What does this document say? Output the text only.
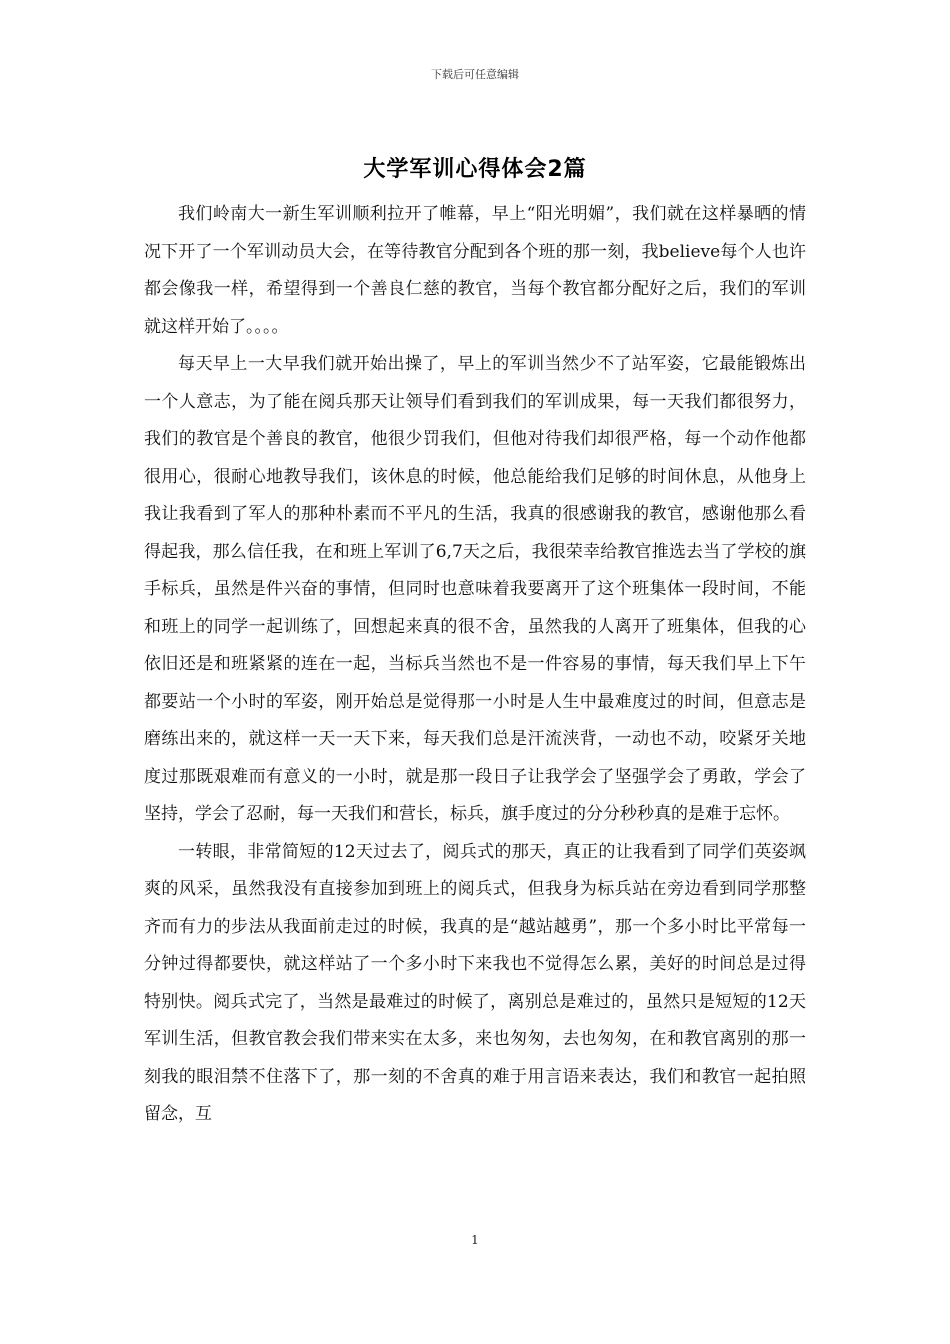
下载后可任意编辑
大学军训心得体会2篇

我们岭南大一新生军训顺利拉开了帷幕，早上“阳光明媚”，我们就在这样暴晒的情况下开了一个军训动员大会，在等待教官分配到各个班的那一刻，我believe每个人也许都会像我一样，希望得到一个善良仁慈的教官，当每个教官都分配好之后，我们的军训就这样开始了。。。。

每天早上一大早我们就开始出操了，早上的军训当然少不了站军姿，它最能锻炼出一个人意志，为了能在阅兵那天让领导们看到我们的军训成果，每一天我们都很努力，我们的教官是个善良的教官，他很少罚我们，但他对待我们却很严格，每一个动作他都很用心，很耐心地教导我们，该休息的时候，他总能给我们足够的时间休息，从他身上我让我看到了军人的那种朴素而不平凡的生活，我真的很感谢我的教官，感谢他那么看得起我，那么信任我，在和班上军训了6,7天之后，我很荣幸给教官推选去当了学校的旗手标兵，虽然是件兴奋的事情，但同时也意味着我要离开了这个班集体一段时间，不能和班上的同学一起训练了，回想起来真的很不舍，虽然我的人离开了班集体，但我的心依旧还是和班紧紧的连在一起，当标兵当然也不是一件容易的事情，每天我们早上下午都要站一个小时的军姿，刚开始总是觉得那一小时是人生中最难度过的时间，但意志是磨练出来的，就这样一天一天下来，每天我们总是汗流浃背，一动也不动，咬紧牙关地度过那既艰难而有意义的一小时，就是那一段日子让我学会了坚强学会了勇敢，学会了坚持，学会了忍耐，每一天我们和营长，标兵，旗手度过的分分秒秒真的是难于忘怀。

一转眼，非常简短的12天过去了，阅兵式的那天，真正的让我看到了同学们英姿飒爽的风采，虽然我没有直接参加到班上的阅兵式，但我身为标兵站在旁边看到同学那整齐而有力的步法从我面前走过的时候，我真的是“越站越勇”，那一个多小时比平常每一分钟过得都要快，就这样站了一个多小时下来我也不觉得怎么累，美好的时间总是过得特别快。阅兵式完了，当然是最难过的时候了，离别总是难过的，虽然只是短短的12天军训生活，但教官教会我们带来实在太多，来也匆匆，去也匆匆，在和教官离别的那一刻我的眼泪禁不住落下了，那一刻的不舍真的难于用言语来表达，我们和教官一起拍照留念，互

1
